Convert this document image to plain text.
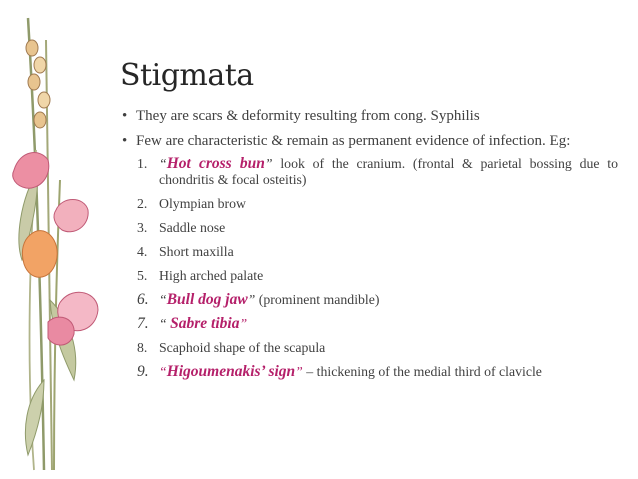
Stigmata
• They are scars & deformity resulting from cong. Syphilis
• Few are characteristic & remain as permanent evidence of infection. Eg:
1. “Hot cross bun” look of the cranium. (frontal & parietal bossing due to chondritis & focal osteitis)
2. Olympian brow
3. Saddle nose
4. Short maxilla
5. High arched palate
6. “Bull dog jaw” (prominent mandible)
7. “ Sabre tibia”
8. Scaphoid shape of the scapula
9. “Higoumenakis’ sign” – thickening of the medial third of clavicle
